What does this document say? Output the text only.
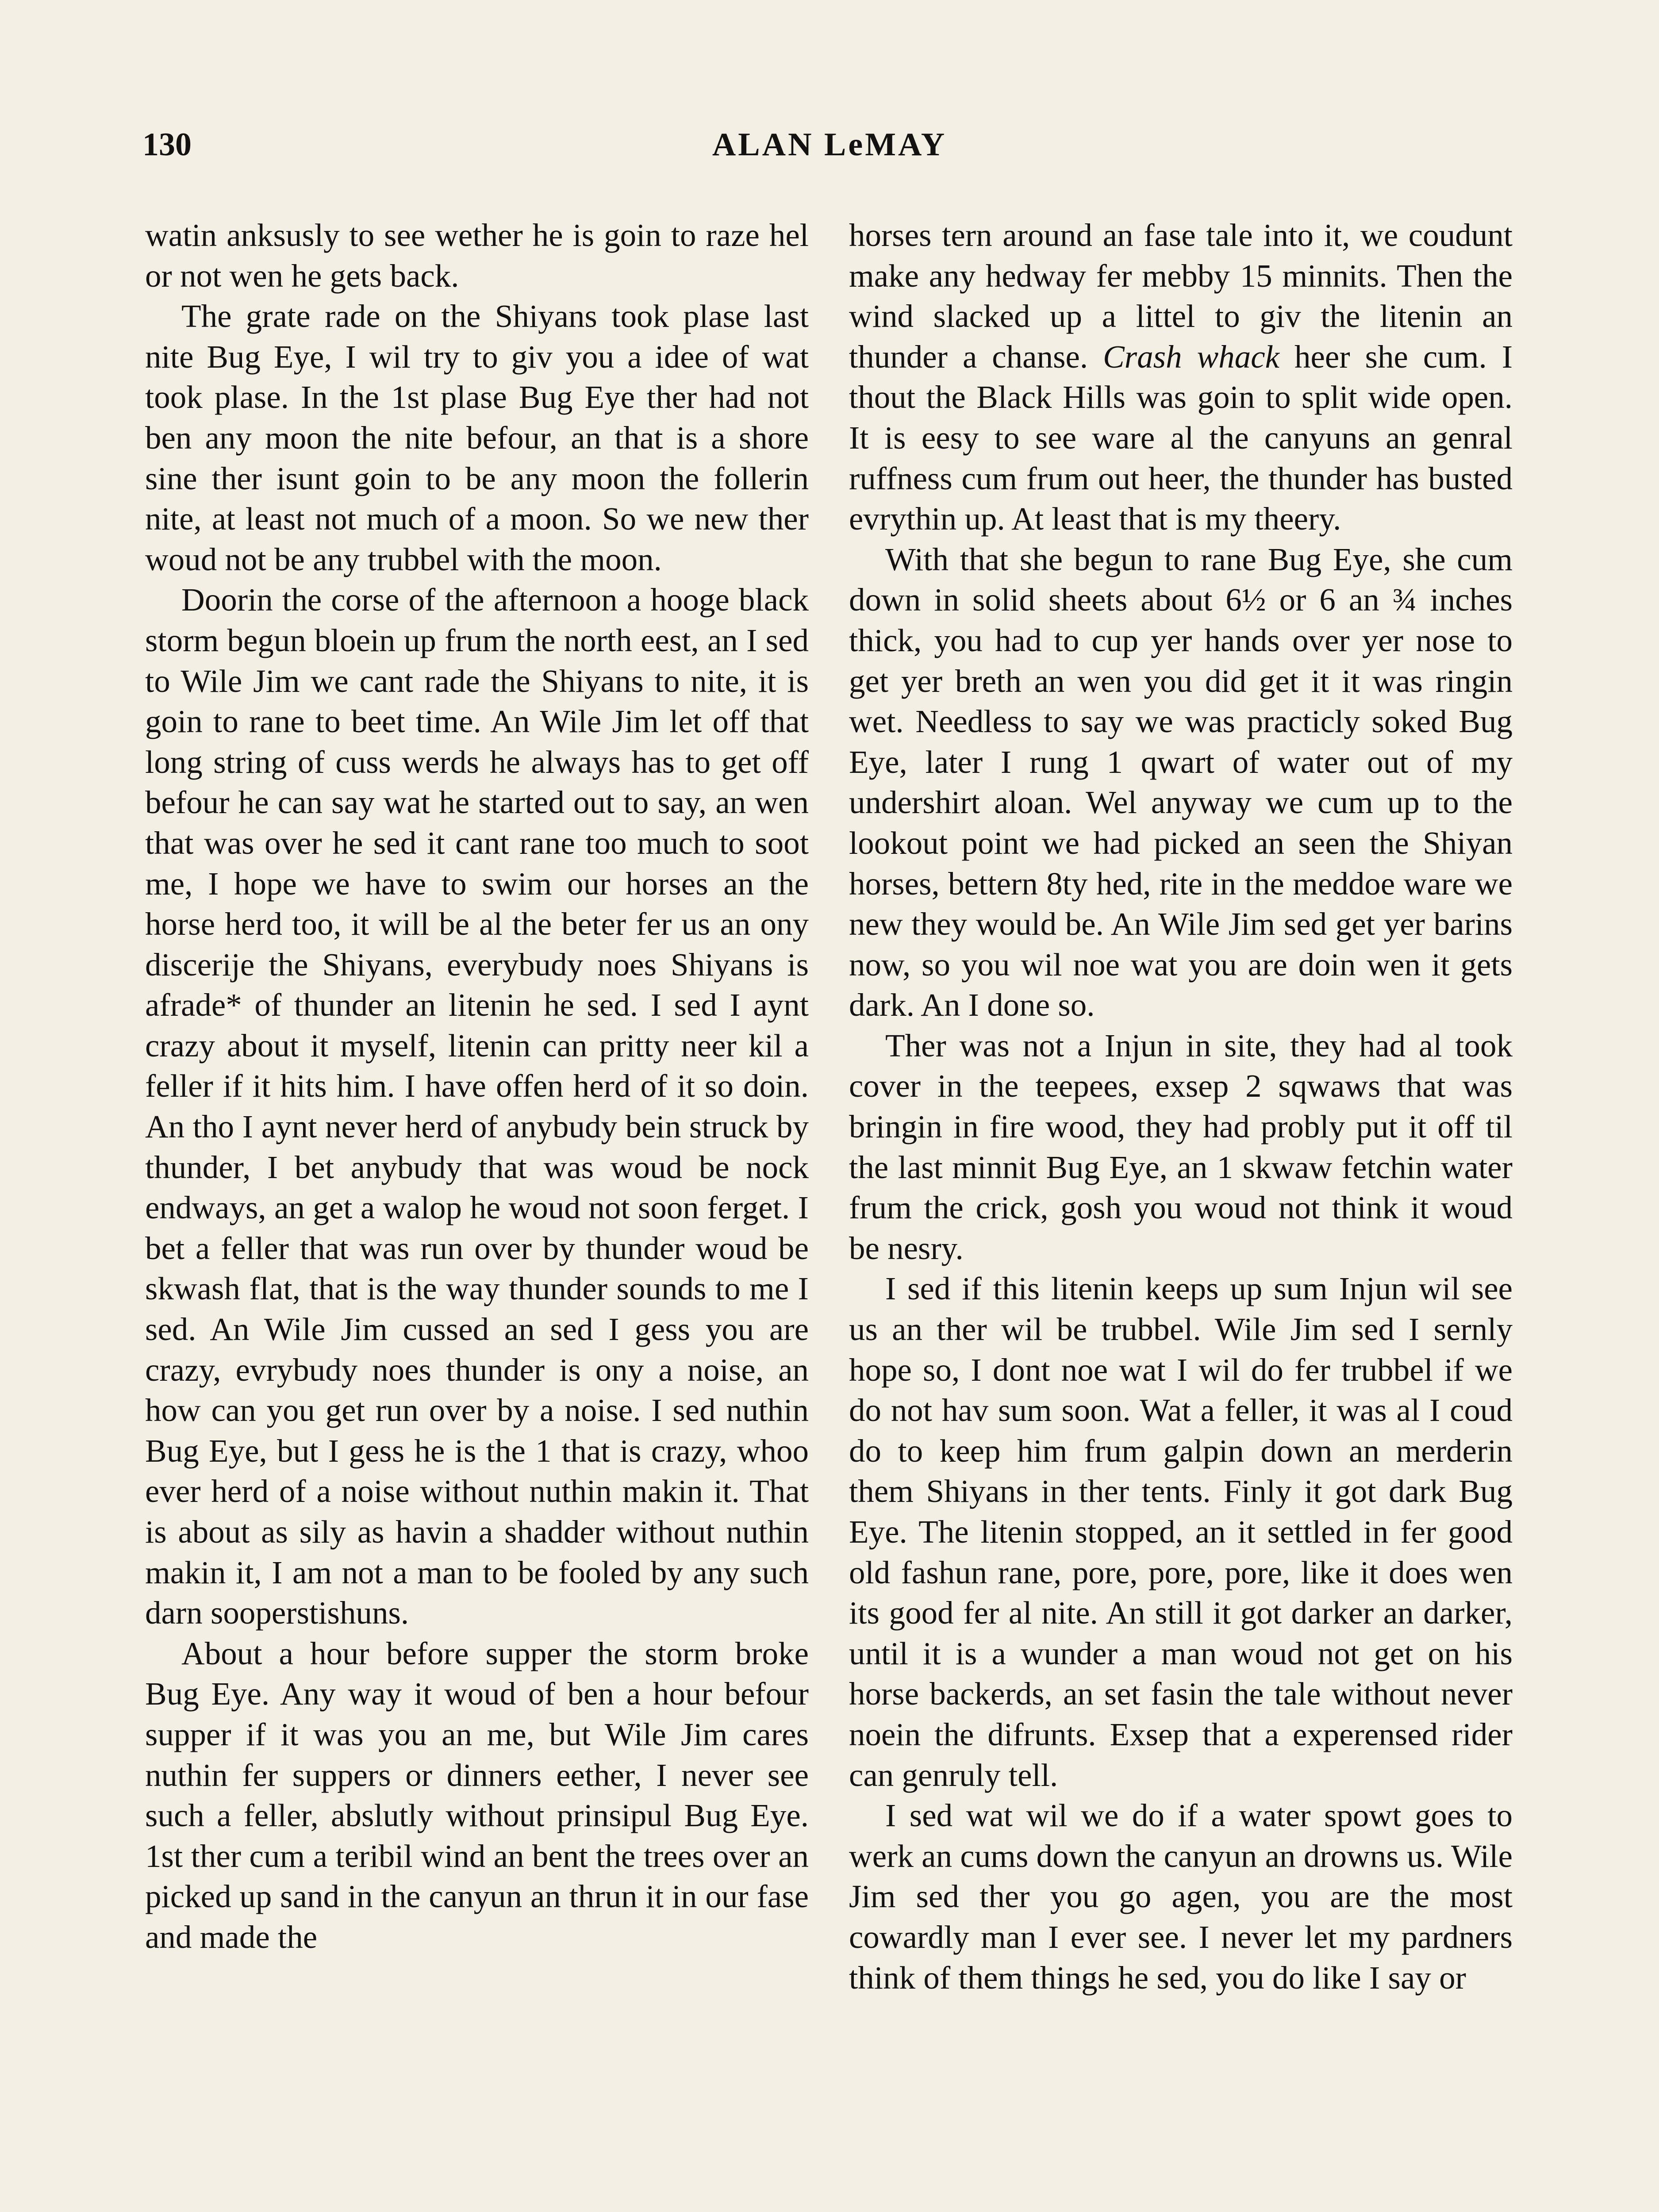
130	ALAN LeMAY

watin anksusly to see wether he is goin to raze hel or not wen he gets back.

The grate rade on the Shiyans took plase last nite Bug Eye, I wil try to giv you a idee of wat took plase. In the 1st plase Bug Eye ther had not ben any moon the nite befour, an that is a shore sine ther isunt goin to be any moon the follerin nite, at least not much of a moon. So we new ther woud not be any trubbel with the moon.

Doorin the corse of the afternoon a hooge black storm begun bloein up frum the north eest, an I sed to Wile Jim we cant rade the Shiyans to nite, it is goin to rane to beet time. An Wile Jim let off that long string of cuss werds he always has to get off befour he can say wat he started out to say, an wen that was over he sed it cant rane too much to soot me, I hope we have to swim our horses an the horse herd too, it will be al the beter fer us an ony discerije the Shiyans, everybudy noes Shiyans is afrade* of thunder an litenin he sed. I sed I aynt crazy about it myself, litenin can pritty neer kil a feller if it hits him. I have offen herd of it so doin. An tho I aynt never herd of anybudy bein struck by thunder, I bet anybudy that was woud be nock endways, an get a walop he woud not soon ferget. I bet a feller that was run over by thunder woud be skwash flat, that is the way thunder sounds to me I sed. An Wile Jim cussed an sed I gess you are crazy, evrybudy noes thunder is ony a noise, an how can you get run over by a noise. I sed nuthin Bug Eye, but I gess he is the 1 that is crazy, whoo ever herd of a noise without nuthin makin it. That is about as sily as havin a shadder without nuthin makin it, I am not a man to be fooled by any such darn sooperstishuns.

About a hour before supper the storm broke Bug Eye. Any way it woud of ben a hour befour supper if it was you an me, but Wile Jim cares nuthin fer suppers or dinners eether, I never see such a feller, abslutly without prinsipul Bug Eye. 1st ther cum a teribil wind an bent the trees over an picked up sand in the canyun an thrun it in our fase and made the

horses tern around an fase tale into it, we coudunt make any hedway fer mebby 15 minnits. Then the wind slacked up a littel to giv the litenin an thunder a chanse. Crash whack heer she cum. I thout the Black Hills was goin to split wide open. It is eesy to see ware al the canyuns an genral ruffness cum frum out heer, the thunder has busted evrythin up. At least that is my theery.

With that she begun to rane Bug Eye, she cum down in solid sheets about 6½ or 6 an ¾ inches thick, you had to cup yer hands over yer nose to get yer breth an wen you did get it it was ringin wet. Needless to say we was practicly soked Bug Eye, later I rung 1 qwart of water out of my undershirt aloan. Wel anyway we cum up to the lookout point we had picked an seen the Shiyan horses, bettern 8ty hed, rite in the meddoe ware we new they would be. An Wile Jim sed get yer barins now, so you wil noe wat you are doin wen it gets dark. An I done so.

Ther was not a Injun in site, they had al took cover in the teepees, exsep 2 sqwaws that was bringin in fire wood, they had probly put it off til the last minnit Bug Eye, an 1 skwaw fetchin water frum the crick, gosh you woud not think it woud be nesry.

I sed if this litenin keeps up sum Injun wil see us an ther wil be trubbel. Wile Jim sed I sernly hope so, I dont noe wat I wil do fer trubbel if we do not hav sum soon. Wat a feller, it was al I coud do to keep him frum galpin down an merderin them Shiyans in ther tents. Finly it got dark Bug Eye. The litenin stopped, an it settled in fer good old fashun rane, pore, pore, pore, like it does wen its good fer al nite. An still it got darker an darker, until it is a wunder a man woud not get on his horse backerds, an set fasin the tale without never noein the difrunts. Exsep that a experensed rider can genruly tell.

I sed wat wil we do if a water spowt goes to werk an cums down the canyun an drowns us. Wile Jim sed ther you go agen, you are the most cowardly man I ever see. I never let my pardners think of them things he sed, you do like I say or
